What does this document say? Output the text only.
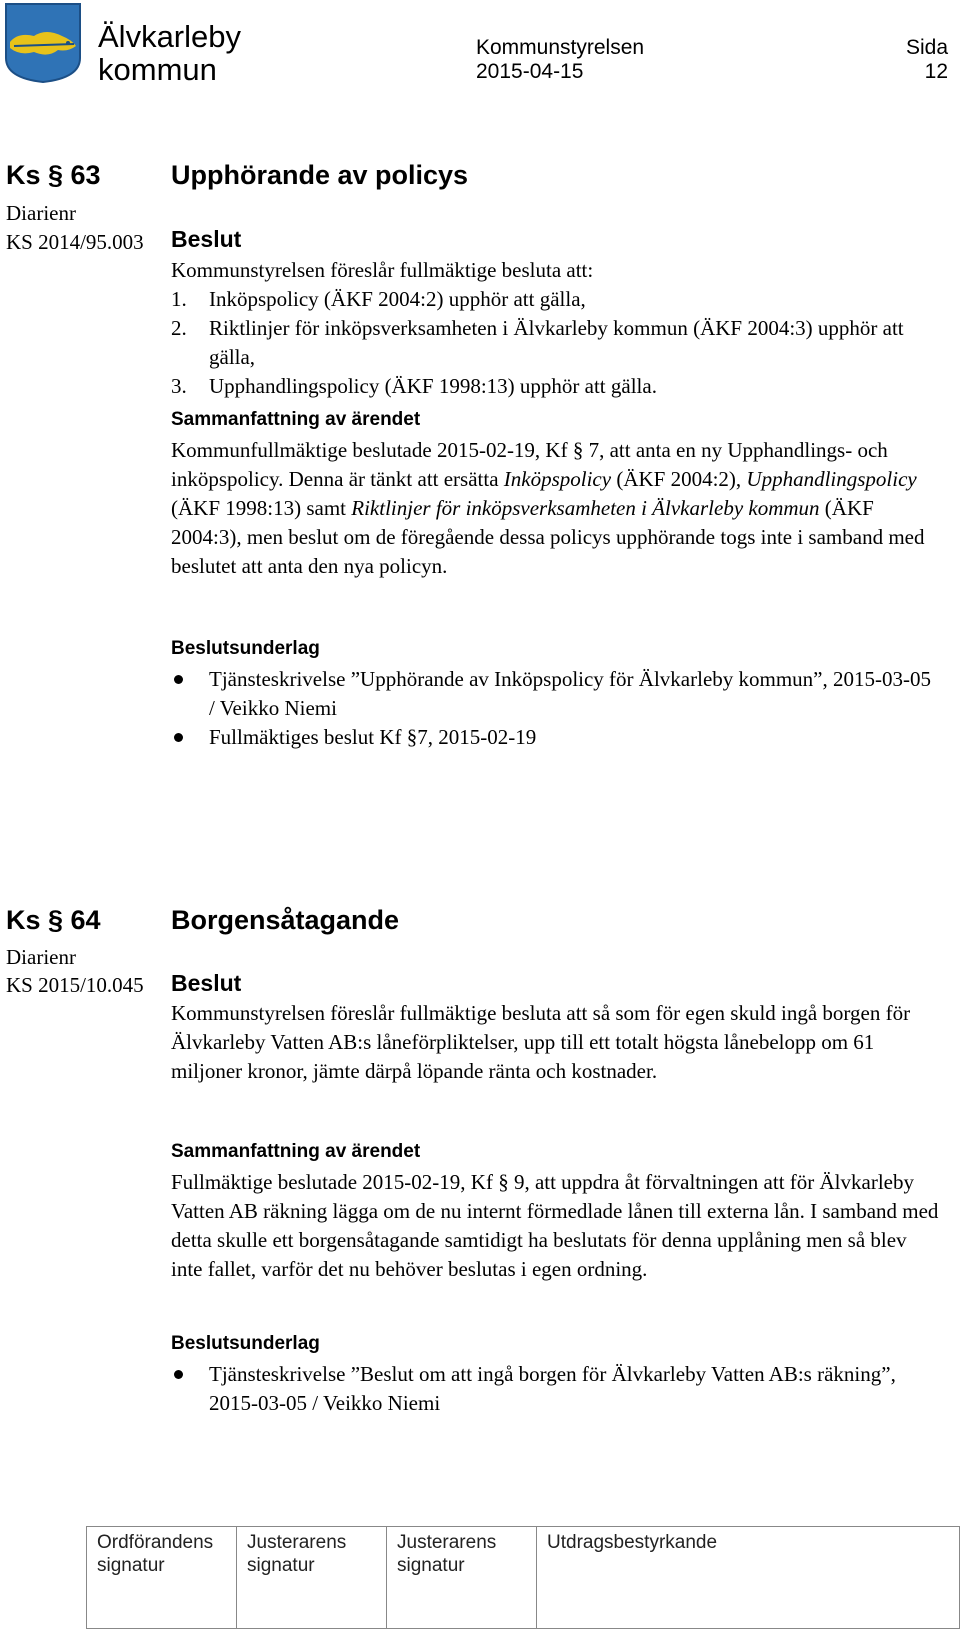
Älvkarleby
kommun
Kommunstyrelsen
2015-04-15
Sida
12
Ks § 63	Upphörande av policys
Diarienr
KS 2014/95.003 Beslut

Kommunstyrelsen föreslår fullmäktige besluta att:

1. Inköpspolicy (ÄKF 2004:2) upphör att gälla,
2. Riktlinjer för inköpsverksamheten i Älvkarleby kommun (ÄKF 2004:3) upphör att gälla,
3. Upphandlingspolicy (ÄKF 1998:13) upphör att gälla.
Sammanfattning av ärendet

Kommunfullmäktige beslutade 2015-02-19, Kf § 7, att anta en ny Upphandlings- och inköpspolicy. Denna är tänkt att ersätta Inköpspolicy (ÄKF 2004:2), Upphandlingspolicy (ÄKF 1998:13) samt Riktlinjer för inköpsverksamheten i Älvkarleby kommun (ÄKF 2004:3), men beslut om de föregående dessa policys upphörande togs inte i samband med beslutet att anta den nya policyn.

Beslutsunderlag
Tjänsteskrivelse ”Upphörande av Inköpspolicy för Älvkarleby kommun”, 2015-03-05 / Veikko Niemi
Fullmäktiges beslut Kf §7, 2015-02-19
Ks § 64	Borgensåtagande
Diarienr
KS 2015/10.045 Beslut

Kommunstyrelsen föreslår fullmäktige besluta att så som för egen skuld ingå borgen för Älvkarleby Vatten AB:s låneförpliktelser, upp till ett totalt högsta lånebelopp om 61 miljoner kronor, jämte därpå löpande ränta och kostnader.

Sammanfattning av ärendet

Fullmäktige beslutade 2015-02-19, Kf § 9, att uppdra åt förvaltningen att för Älvkarleby Vatten AB räkning lägga om de nu internt förmedlade lånen till externa lån. I samband med detta skulle ett borgensåtagande samtidigt ha beslutats för denna upplåning men så blev inte fallet, varför det nu behöver beslutas i egen ordning.

Beslutsunderlag
Tjänsteskrivelse ”Beslut om att ingå borgen för Älvkarleby Vatten AB:s räkning”, 2015-03-05 / Veikko Niemi
Ordförandens signatur	Justerarens signatur	Justerarens signatur	Utdragsbestyrkande
